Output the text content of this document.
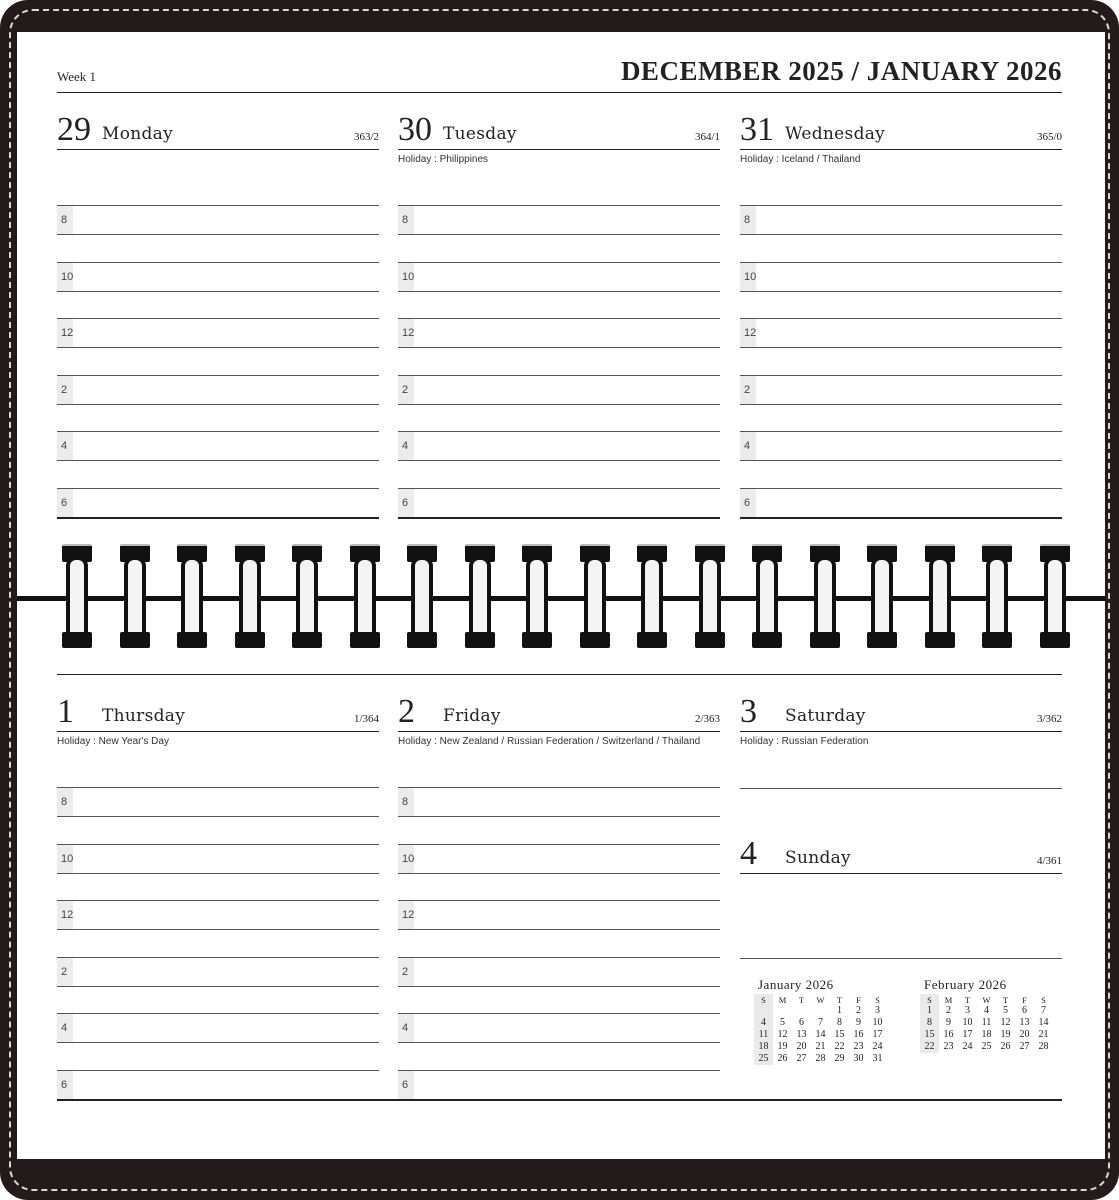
Week 1	DECEMBER 2025 / JANUARY 2026
29 Monday	363/2
8
10
12
2
4
6
30 Tuesday	364/1
Holiday : Philippines
8
10
12
2
4
6
31 Wednesday	365/0
Holiday : Iceland / Thailand
8
10
12
2
4
6
1 Thursday	1/364
Holiday : New Year's Day
8
10
12
2
4
6
2 Friday	2/363
Holiday : New Zealand / Russian Federation / Switzerland / Thailand
8
10
12
2
4
6
3 Saturday	3/362
Holiday : Russian Federation
4 Sunday	4/361
January 2026
S	M	T	W	T	F	S
				1	2	3
4	5	6	7	8	9	10
11	12	13	14	15	16	17
18	19	20	21	22	23	24
25	26	27	28	29	30	31
February 2026
S	M	T	W	T	F	S
1	2	3	4	5	6	7
8	9	10	11	12	13	14
15	16	17	18	19	20	21
22	23	24	25	26	27	28
